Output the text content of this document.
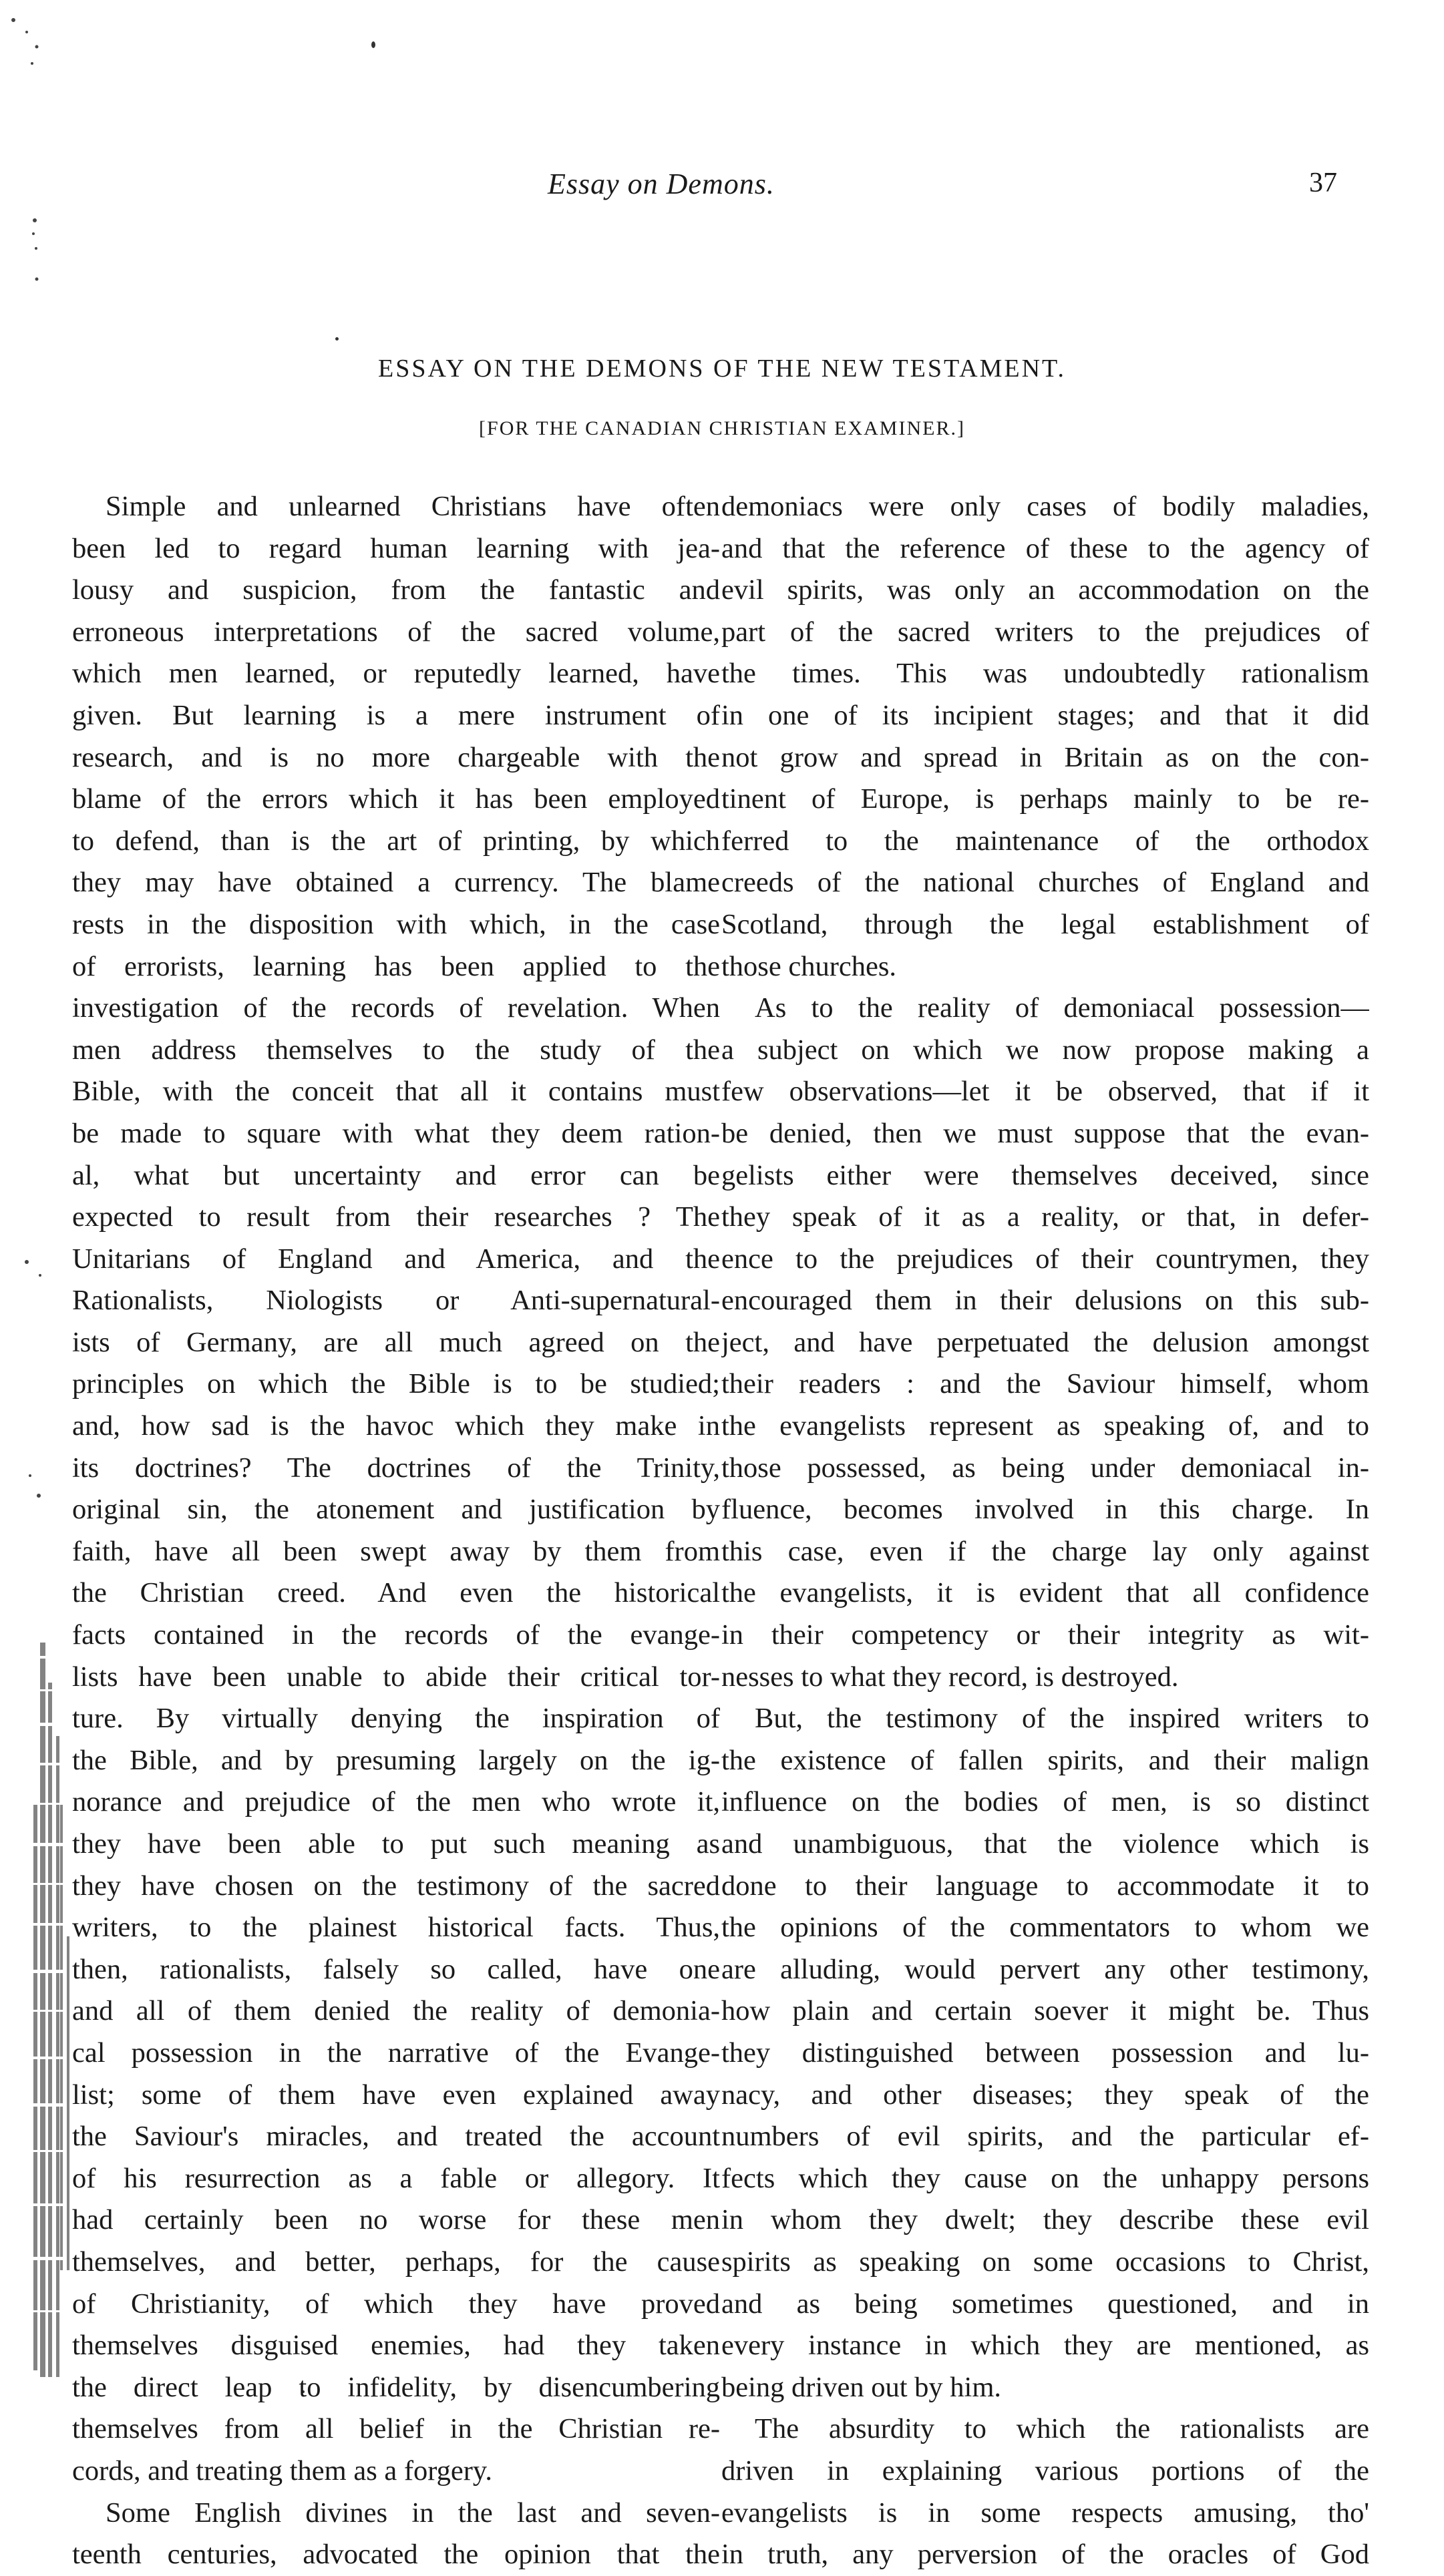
Essay on Demons.	37
ESSAY ON THE DEMONS OF THE NEW TESTAMENT.
[FOR THE CANADIAN CHRISTIAN EXAMINER.]
Simple and unlearned Christians have often
been led to regard human learning with jea-
lousy and suspicion, from the fantastic and
erroneous interpretations of the sacred volume,
which men learned, or reputedly learned, have
given. But learning is a mere instrument of
research, and is no more chargeable with the
blame of the errors which it has been employed
to defend, than is the art of printing, by which
they may have obtained a currency. The blame
rests in the disposition with which, in the case
of errorists, learning has been applied to the
investigation of the records of revelation. When
men address themselves to the study of the
Bible, with the conceit that all it contains must
be made to square with what they deem ration-
al, what but uncertainty and error can be
expected to result from their researches ? The
Unitarians of England and America, and the
Rationalists, Niologists or Anti-supernatural-
ists of Germany, are all much agreed on the
principles on which the Bible is to be studied;
and, how sad is the havoc which they make in
its doctrines? The doctrines of the Trinity,
original sin, the atonement and justification by
faith, have all been swept away by them from
the Christian creed. And even the historical
facts contained in the records of the evange-
lists have been unable to abide their critical tor-
ture. By virtually denying the inspiration of
the Bible, and by presuming largely on the ig-
norance and prejudice of the men who wrote it,
they have been able to put such meaning as
they have chosen on the testimony of the sacred
writers, to the plainest historical facts. Thus,
then, rationalists, falsely so called, have one
and all of them denied the reality of demonia-
cal possession in the narrative of the Evange-
list; some of them have even explained away
the Saviour's miracles, and treated the account
of his resurrection as a fable or allegory. It
had certainly been no worse for these men
themselves, and better, perhaps, for the cause
of Christianity, of which they have proved
themselves disguised enemies, had they taken
the direct leap to infidelity, by disencumbering
themselves from all belief in the Christian re-
cords, and treating them as a forgery.
Some English divines in the last and seven-
teenth centuries, advocated the opinion that the
demoniacs were only cases of bodily maladies,
and that the reference of these to the agency of
evil spirits, was only an accommodation on the
part of the sacred writers to the prejudices of
the times. This was undoubtedly rationalism
in one of its incipient stages; and that it did
not grow and spread in Britain as on the con-
tinent of Europe, is perhaps mainly to be re-
ferred to the maintenance of the orthodox
creeds of the national churches of England and
Scotland, through the legal establishment of
those churches.
As to the reality of demoniacal possession—
a subject on which we now propose making a
few observations—let it be observed, that if it
be denied, then we must suppose that the evan-
gelists either were themselves deceived, since
they speak of it as a reality, or that, in defer-
ence to the prejudices of their countrymen, they
encouraged them in their delusions on this sub-
ject, and have perpetuated the delusion amongst
their readers : and the Saviour himself, whom
the evangelists represent as speaking of, and to
those possessed, as being under demoniacal in-
fluence, becomes involved in this charge. In
this case, even if the charge lay only against
the evangelists, it is evident that all confidence
in their competency or their integrity as wit-
nesses to what they record, is destroyed.
But, the testimony of the inspired writers to
the existence of fallen spirits, and their malign
influence on the bodies of men, is so distinct
and unambiguous, that the violence which is
done to their language to accommodate it to
the opinions of the commentators to whom we
are alluding, would pervert any other testimony,
how plain and certain soever it might be. Thus
they distinguished between possession and lu-
nacy, and other diseases; they speak of the
numbers of evil spirits, and the particular ef-
fects which they cause on the unhappy persons
in whom they dwelt; they describe these evil
spirits as speaking on some occasions to Christ,
and as being sometimes questioned, and in
every instance in which they are mentioned, as
being driven out by him.
The absurdity to which the rationalists are
driven in explaining various portions of the
evangelists is in some respects amusing, tho'
in truth, any perversion of the oracles of God
